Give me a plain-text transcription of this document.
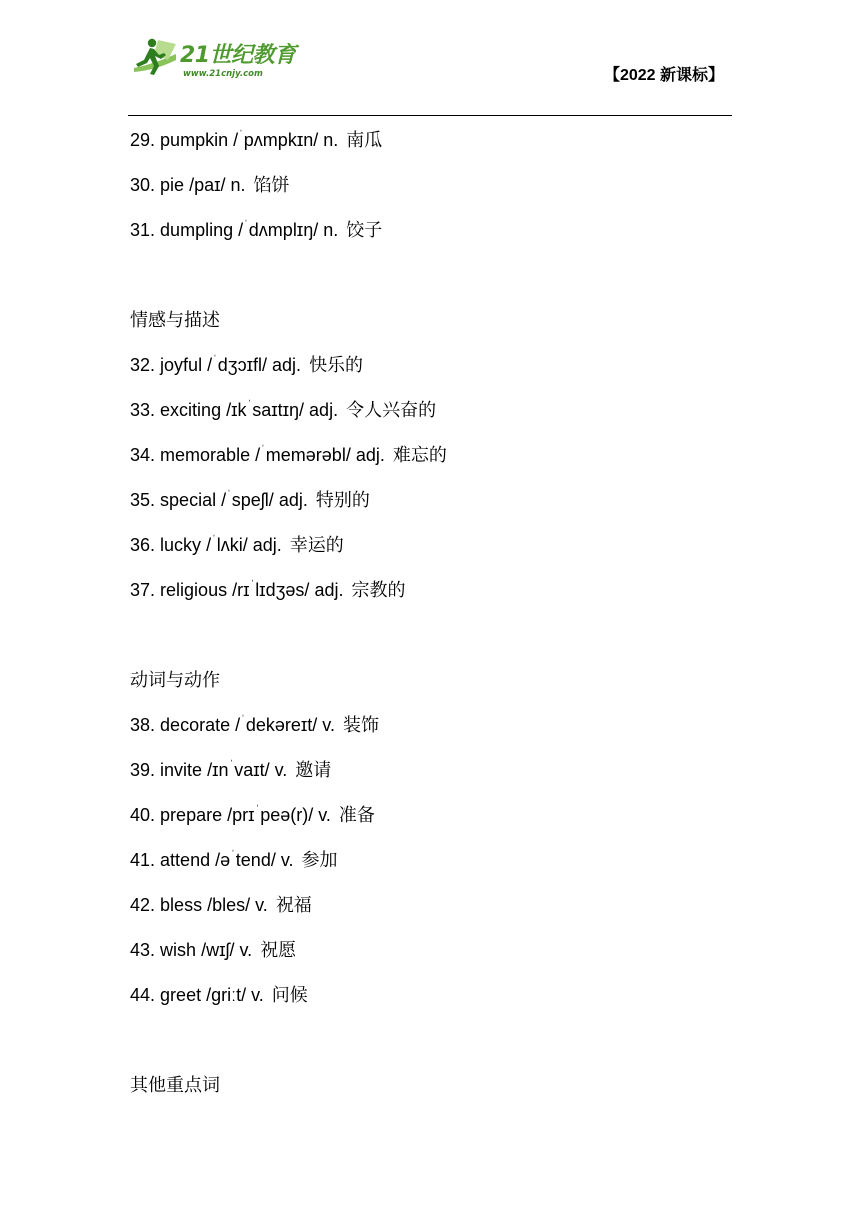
21世纪教育
www.21cnjy.com	【2022 新课标】
29. pumpkin /ˈpʌmpkɪn/ n. 南瓜
30. pie /paɪ/ n. 馅饼
31. dumpling /ˈdʌmplɪŋ/ n. 饺子
情感与描述
32. joyful /ˈdʒɔɪfl/ adj. 快乐的
33. exciting /ɪkˈsaɪtɪŋ/ adj. 令人兴奋的
34. memorable /ˈmemərəbl/ adj. 难忘的
35. special /ˈspeʃl/ adj. 特别的
36. lucky /ˈlʌki/ adj. 幸运的
37. religious /rɪˈlɪdʒəs/ adj. 宗教的
动词与动作
38. decorate /ˈdekəreɪt/ v. 装饰
39. invite /ɪnˈvaɪt/ v. 邀请
40. prepare /prɪˈpeə(r)/ v. 准备
41. attend /əˈtend/ v. 参加
42. bless /bles/ v. 祝福
43. wish /wɪʃ/ v. 祝愿
44. greet /griːt/ v. 问候
其他重点词
